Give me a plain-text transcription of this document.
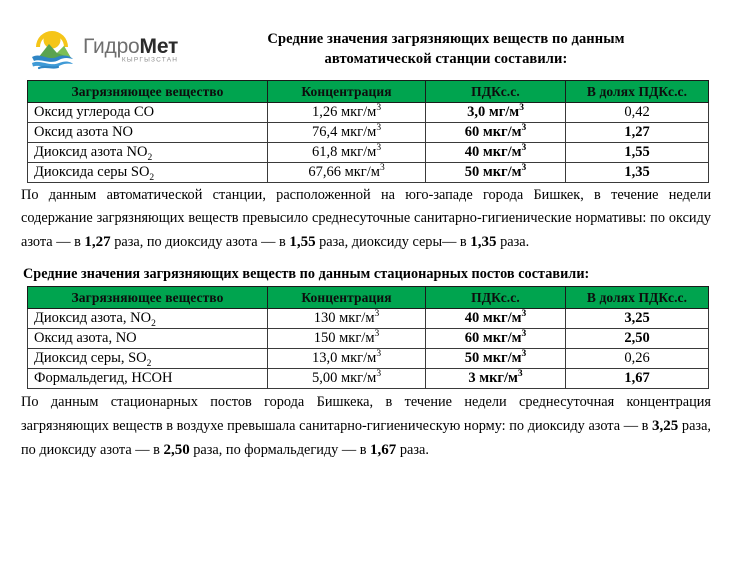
ГидроМет
КЫРГЫЗСТАН
Средние значения загрязняющих веществ по данным
автоматической станции составили:
Загрязняющее вещество	Концентрация	ПДКс.с.	В долях ПДКс.с.
Оксид углерода CO	1,26 мкг/$м^3$	3,0 $мг/м^3$	0,42
Оксид азота NO	76,4 мкг/$м^3$	60 мкг/$м^3$	1,27
Диоксид азота $NO_2$	61,8 мкг/$м^3$	40 мкг/$м^3$	1,55
Диоксида серы $SO_2$	67,66 мкг/$м^3$	50 мкг/$м^3$	1,35
По данным автоматической станции, расположенной на юго-западе города Бишкек, в течение недели содержание загрязняющих веществ превысило среднесуточные санитарно-гигиенические нормативы: по оксиду азота — в 1,27 раза, по диоксиду азота — в 1,55 раза, диоксиду серы— в 1,35 раза.
Средние значения загрязняющих веществ по данным стационарных постов составили:
Загрязняющее вещество	Концентрация	ПДКс.с.	В долях ПДКс.с.
Диоксид азота, $NO_2$	130 мкг/$м^3$	40 мкг/$м^3$	3,25
Оксид азота, NO	150 мкг/$м^3$	60 мкг/$м^3$	2,50
Диоксид серы, $SO_2$	13,0 мкг/$м^3$	50 мкг/$м^3$	0,26
Формальдегид, НСОН	5,00 мкг/$м^3$	3 мкг/$м^3$	1,67
По данным стационарных постов города Бишкека, в течение недели среднесуточная концентрация загрязняющих веществ в воздухе превышала санитарно-гигиеническую норму: по диоксиду азота — в 3,25 раза, по диоксиду азота — в 2,50 раза, по формальдегиду — в 1,67 раза.
